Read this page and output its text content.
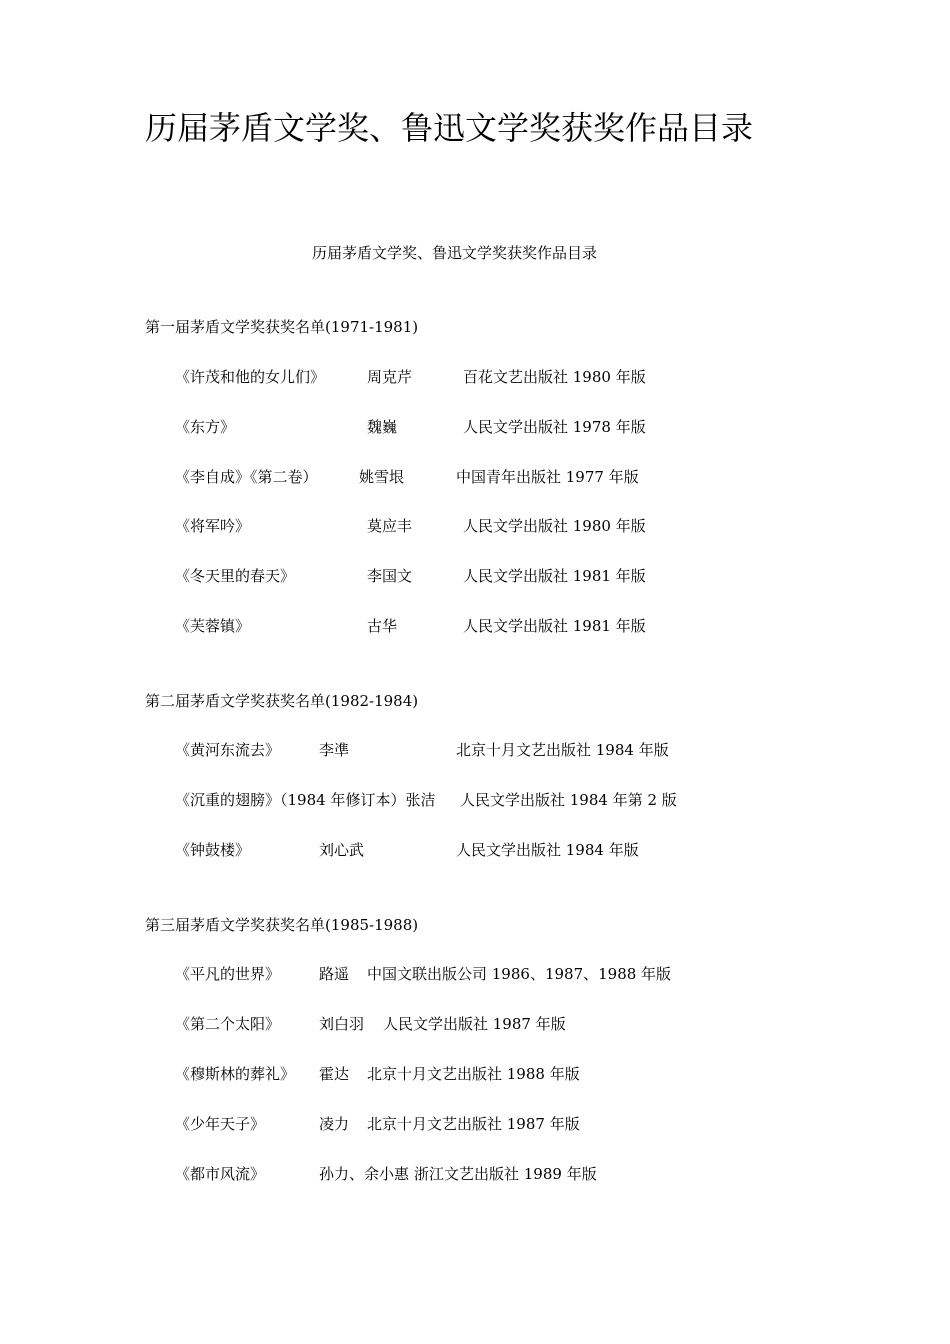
历届茅盾文学奖、鲁迅文学奖获奖作品目录
历届茅盾文学奖、鲁迅文学奖获奖作品目录
第一届茅盾文学奖获奖名单(1971-1981)
《许茂和他的女儿们》	周克芹	百花文艺出版社 1980 年版
《东方》	魏巍	人民文学出版社 1978 年版
《李自成》《第二卷）	姚雪垠	中国青年出版社 1977 年版
《将军吟》	莫应丰	人民文学出版社 1980 年版
《冬天里的春天》	李国文	人民文学出版社 1981 年版
《芙蓉镇》	古华	人民文学出版社 1981 年版
第二届茅盾文学奖获奖名单(1982-1984)
《黄河东流去》	李凖	北京十月文艺出版社 1984 年版
《沉重的翅膀》（1984 年修订本）张洁 人民文学出版社 1984 年第 2 版
《钟鼓楼》	刘心武	人民文学出版社 1984 年版
第三届茅盾文学奖获奖名单(1985-1988)
《平凡的世界》	路遥 中国文联出版公司 1986、1987、1988 年版
《第二个太阳》	刘白羽 人民文学出版社 1987 年版
《穆斯林的葬礼》 霍达 北京十月文艺出版社 1988 年版
《少年天子》	凌力 北京十月文艺出版社 1987 年版
《都市风流》	孙力、余小惠 浙江文艺出版社 1989 年版
